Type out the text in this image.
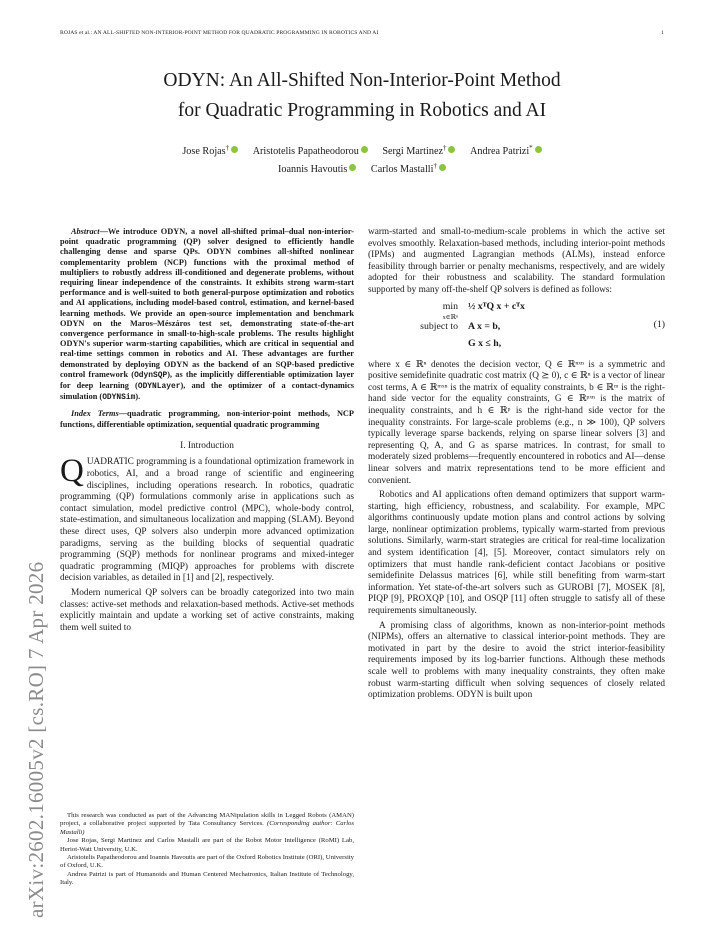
ROJAS et al.: AN ALL-SHIFTED NON-INTERIOR-POINT METHOD FOR QUADRATIC PROGRAMMING IN ROBOTICS AND AI	1
arXiv:2602.16005v2 [cs.RO] 7 Apr 2026
ODYN: An All-Shifted Non-Interior-Point Method
for Quadratic Programming in Robotics and AI
Jose Rojas† Aristotelis Papatheodorou Sergi Martinez† Andrea Patrizi*
Ioannis Havoutis Carlos Mastalli†

Abstract—We introduce ODYN, a novel all-shifted primal–dual non-interior-point quadratic programming (QP) solver designed to efficiently handle challenging dense and sparse QPs. ODYN combines all-shifted nonlinear complementarity problem (NCP) functions with the proximal method of multipliers to robustly address ill-conditioned and degenerate problems, without requiring linear independence of the constraints. It exhibits strong warm-start performance and is well-suited to both general-purpose optimization and robotics and AI applications, including model-based control, estimation, and kernel-based learning methods. We provide an open-source implementation and benchmark ODYN on the Maros–Mészáros test set, demonstrating state-of-the-art convergence performance in small-to-high-scale problems. The results highlight ODYN's superior warm-starting capabilities, which are critical in sequential and real-time settings common in robotics and AI. These advantages are further demonstrated by deploying ODYN as the backend of an SQP-based predictive control framework (OdynSQP), as the implicitly differentiable optimization layer for deep learning (ODYNLayer), and the optimizer of a contact-dynamics simulation (ODYNSim).

Index Terms—quadratic programming, non-interior-point methods, NCP functions, differentiable optimization, sequential quadratic programming

I. Introduction

QUADRATIC programming is a foundational optimization framework in robotics, AI, and a broad range of scientific and engineering disciplines, including operations research. In robotics, quadratic programming (QP) formulations commonly arise in applications such as contact simulation, model predictive control (MPC), whole-body control, state-estimation, and simultaneous localization and mapping (SLAM). Beyond these direct uses, QP solvers also underpin more advanced optimization paradigms, serving as the building blocks of sequential quadratic programming (SQP) methods for nonlinear programs and mixed-integer quadratic programming (MIQP) approaches for problems with discrete decision variables, as detailed in [1] and [2], respectively.

Modern numerical QP solvers can be broadly categorized into two main classes: active-set methods and relaxation-based methods. Active-set methods explicitly maintain and update a working set of active constraints, making them well suited to

This research was conducted as part of the Advancing MANipulation skills in Legged Robots (AMAN) project, a collaborative project supported by Tata Consultancy Services. (Corresponding author: Carlos Mastalli)

Jose Rojas, Sergi Martinez and Carlos Mastalli are part of the Robot Motor Intelligence (RoMI) Lab, Heriot-Watt University, U.K.

Aristotelis Papatheodorou and Ioannis Havoutis are part of the Oxford Robotics Institute (ORI), University of Oxford, U.K.

Andrea Patrizi is part of Humanoids and Human Centered Mechatronics, Italian Institute of Technology, Italy.

warm-started and small-to-medium-scale problems in which the active set evolves smoothly. Relaxation-based methods, including interior-point methods (IPMs) and augmented Lagrangian methods (ALMs), instead enforce feasibility through barrier or penalty mechanisms, respectively, and are widely adopted for their robustness and scalability. The standard formulation supported by many off-the-shelf QP solvers is defined as follows:

min
x∈ℝⁿ
½ xᵀQ x + cᵀx
subject to A x = b,
G x ≤ h,
(1)

where x ∈ ℝⁿ denotes the decision vector, Q ∈ ℝⁿˣⁿ is a symmetric and positive semidefinite quadratic cost matrix (Q ⪰ 0), c ∈ ℝⁿ is a vector of linear cost terms, A ∈ ℝᵐˣⁿ is the matrix of equality constraints, b ∈ ℝᵐ is the right-hand side vector for the equality constraints, G ∈ ℝᵖˣⁿ is the matrix of inequality constraints, and h ∈ ℝᵖ is the right-hand side vector for the inequality constraints. For large-scale problems (e.g., n ≫ 100), QP solvers typically leverage sparse backends, relying on sparse linear solvers [3] and representing Q, A, and G as sparse matrices. In contrast, for small to moderately sized problems—frequently encountered in robotics and AI—dense linear solvers and matrix representations tend to be more efficient and convenient.

Robotics and AI applications often demand optimizers that support warm-starting, high efficiency, robustness, and scalability. For example, MPC algorithms continuously update motion plans and control actions by solving large, nonlinear optimization problems, typically warm-started from previous solutions. Similarly, warm-start strategies are critical for real-time localization and system identification [4], [5]. Moreover, contact simulators rely on optimizers that must handle rank-deficient contact Jacobians or positive semidefinite Delassus matrices [6], while still benefiting from warm-start information. Yet state-of-the-art solvers such as GUROBI [7], MOSEK [8], PIQP [9], PROXQP [10], and OSQP [11] often struggle to satisfy all of these requirements simultaneously.

A promising class of algorithms, known as non-interior-point methods (NIPMs), offers an alternative to classical interior-point methods. They are motivated in part by the desire to avoid the strict interior-feasibility requirements imposed by its log-barrier functions. Although these methods scale well to problems with many inequality constraints, they often make robust warm-starting difficult when solving sequences of closely related optimization problems. ODYN is built upon
